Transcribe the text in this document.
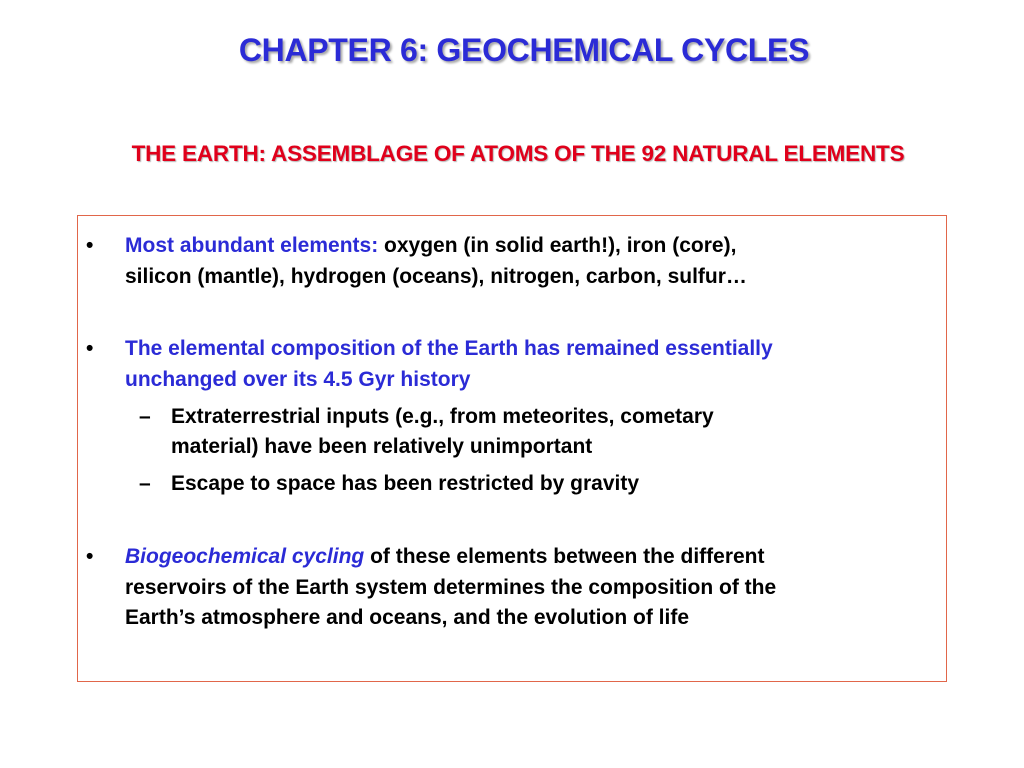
CHAPTER 6: GEOCHEMICAL CYCLES
THE EARTH: ASSEMBLAGE OF ATOMS OF THE 92 NATURAL ELEMENTS
• Most abundant elements: oxygen (in solid earth!), iron (core),
silicon (mantle), hydrogen (oceans), nitrogen, carbon, sulfur…
• The elemental composition of the Earth has remained essentially
unchanged over its 4.5 Gyr history
– Extraterrestrial inputs (e.g., from meteorites, cometary
material) have been relatively unimportant
– Escape to space has been restricted by gravity
• Biogeochemical cycling of these elements between the different
reservoirs of the Earth system determines the composition of the
Earth’s atmosphere and oceans, and the evolution of life
